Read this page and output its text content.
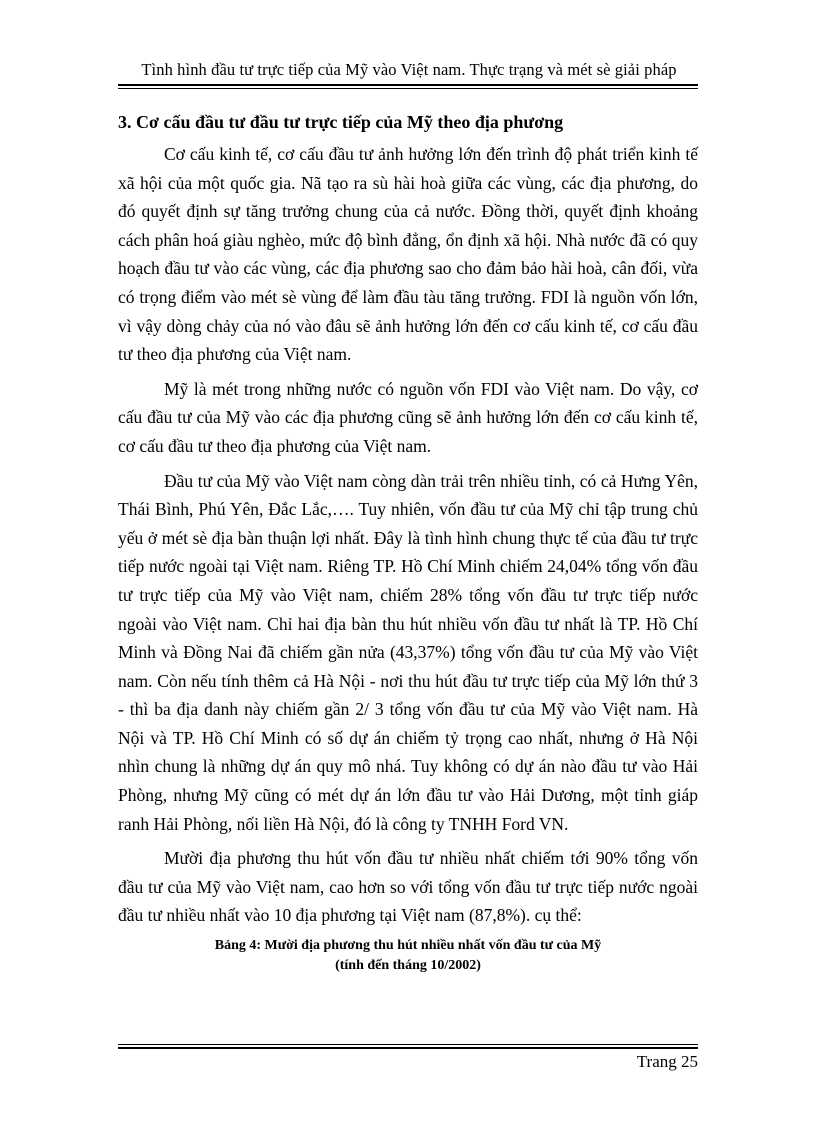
Tình hình đầu tư trực tiếp của Mỹ vào Việt nam. Thực trạng và mét sè giải pháp

3. Cơ cấu đầu tư đầu tư trực tiếp của Mỹ theo địa phương

Cơ cấu kinh tế, cơ cấu đầu tư ảnh hưởng lớn đến trình độ phát triển kinh tế xã hội của một quốc gia. Nã tạo ra sù hài hoà giữa các vùng, các địa phương, do đó quyết định sự tăng trưởng chung của cả nước. Đồng thời, quyết định khoảng cách phân hoá giàu nghèo, mức độ bình đẳng, ổn định xã hội. Nhà nước đã có quy hoạch đầu tư vào các vùng, các địa phương sao cho đảm bảo hài hoà, cân đối, vừa có trọng điểm vào mét sè vùng để làm đầu tàu tăng trưởng. FDI là nguồn vốn lớn, vì vậy dòng chảy của nó vào đâu sẽ ảnh hưởng lớn đến cơ cấu kinh tế, cơ cấu đầu tư theo địa phương của Việt nam.

Mỹ là mét trong những nước có nguồn vốn FDI vào Việt nam. Do vậy, cơ cấu đầu tư của Mỹ vào các địa phương cũng sẽ ảnh hưởng lớn đến cơ cấu kinh tế, cơ cấu đầu tư theo địa phương của Việt nam.

Đầu tư của Mỹ vào Việt nam còng dàn trải trên nhiều tỉnh, có cả Hưng Yên, Thái Bình, Phú Yên, Đắc Lắc,…. Tuy nhiên, vốn đầu tư của Mỹ chỉ tập trung chủ yếu ở mét sè địa bàn thuận lợi nhất. Đây là tình hình chung thực tế của đầu tư trực tiếp nước ngoài tại Việt nam. Riêng TP. Hồ Chí Minh chiếm 24,04% tổng vốn đầu tư trực tiếp của Mỹ vào Việt nam, chiếm 28% tổng vốn đầu tư trực tiếp nước ngoài vào Việt nam. Chỉ hai địa bàn thu hút nhiều vốn đầu tư nhất là TP. Hồ Chí Minh và Đồng Nai đã chiếm gần nửa (43,37%) tổng vốn đầu tư của Mỹ vào Việt nam. Còn nếu tính thêm cả Hà Nội - nơi thu hút đầu tư trực tiếp của Mỹ lớn thứ 3 - thì ba địa danh này chiếm gần 2/ 3 tổng vốn đầu tư của Mỹ vào Việt nam. Hà Nội và TP. Hồ Chí Minh có số dự án chiếm tỷ trọng cao nhất, nhưng ở Hà Nội nhìn chung là những dự án quy mô nhá. Tuy không có dự án nào đầu tư vào Hải Phòng, nhưng Mỹ cũng có mét dự án lớn đầu tư vào Hải Dương, một tỉnh giáp ranh Hải Phòng, nối liền Hà Nội, đó là công ty TNHH Ford VN.

Mười địa phương thu hút vốn đầu tư nhiều nhất chiếm tới 90% tổng vốn đầu tư của Mỹ vào Việt nam, cao hơn so với tổng vốn đầu tư trực tiếp nước ngoài đầu tư nhiều nhất vào 10 địa phương tại Việt nam (87,8%). cụ thể:

Bảng 4: Mười địa phương thu hút nhiều nhất vốn đầu tư của Mỹ

(tính đến tháng 10/2002)

Trang 25
